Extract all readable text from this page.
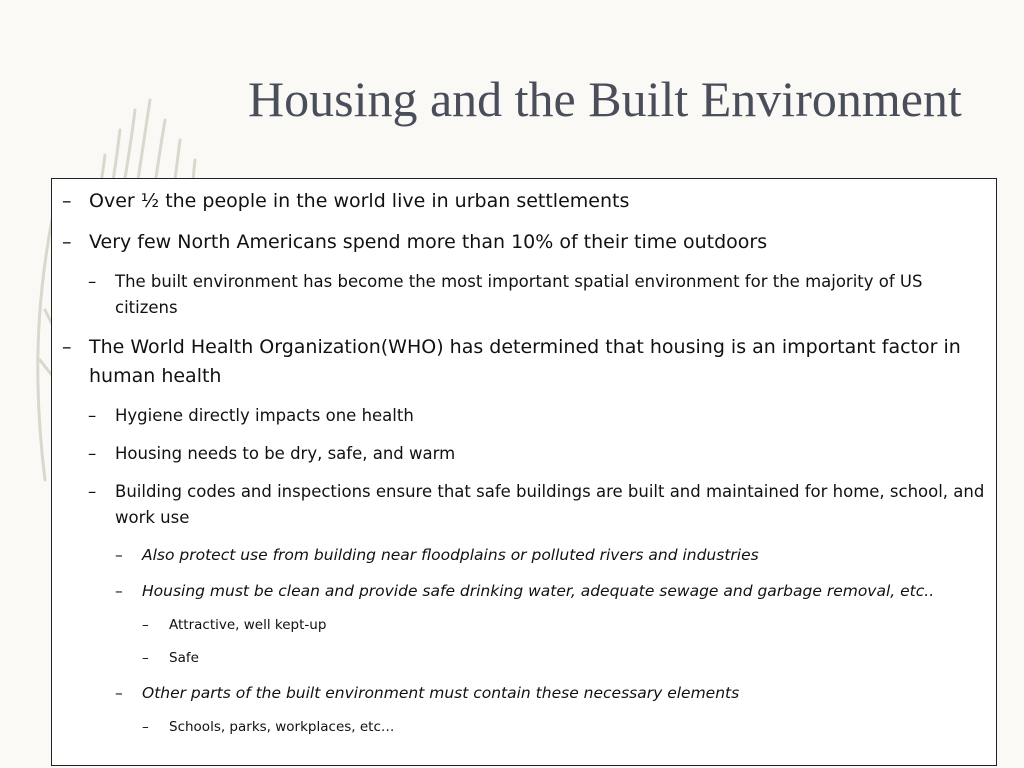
Housing and the Built Environment

– Over ½ the people in the world live in urban settlements

– Very few North Americans spend more than 10% of their time outdoors

– The built environment has become the most important spatial environment for the majority of US citizens

– The World Health Organization(WHO) has determined that housing is an important factor in human health

– Hygiene directly impacts one health

– Housing needs to be dry, safe, and warm

– Building codes and inspections ensure that safe buildings are built and maintained for home, school, and work use

– Also protect use from building near floodplains or polluted rivers and industries

– Housing must be clean and provide safe drinking water, adequate sewage and garbage removal, etc..

– Attractive, well kept-up

– Safe

– Other parts of the built environment must contain these necessary elements

– Schools, parks, workplaces, etc…
